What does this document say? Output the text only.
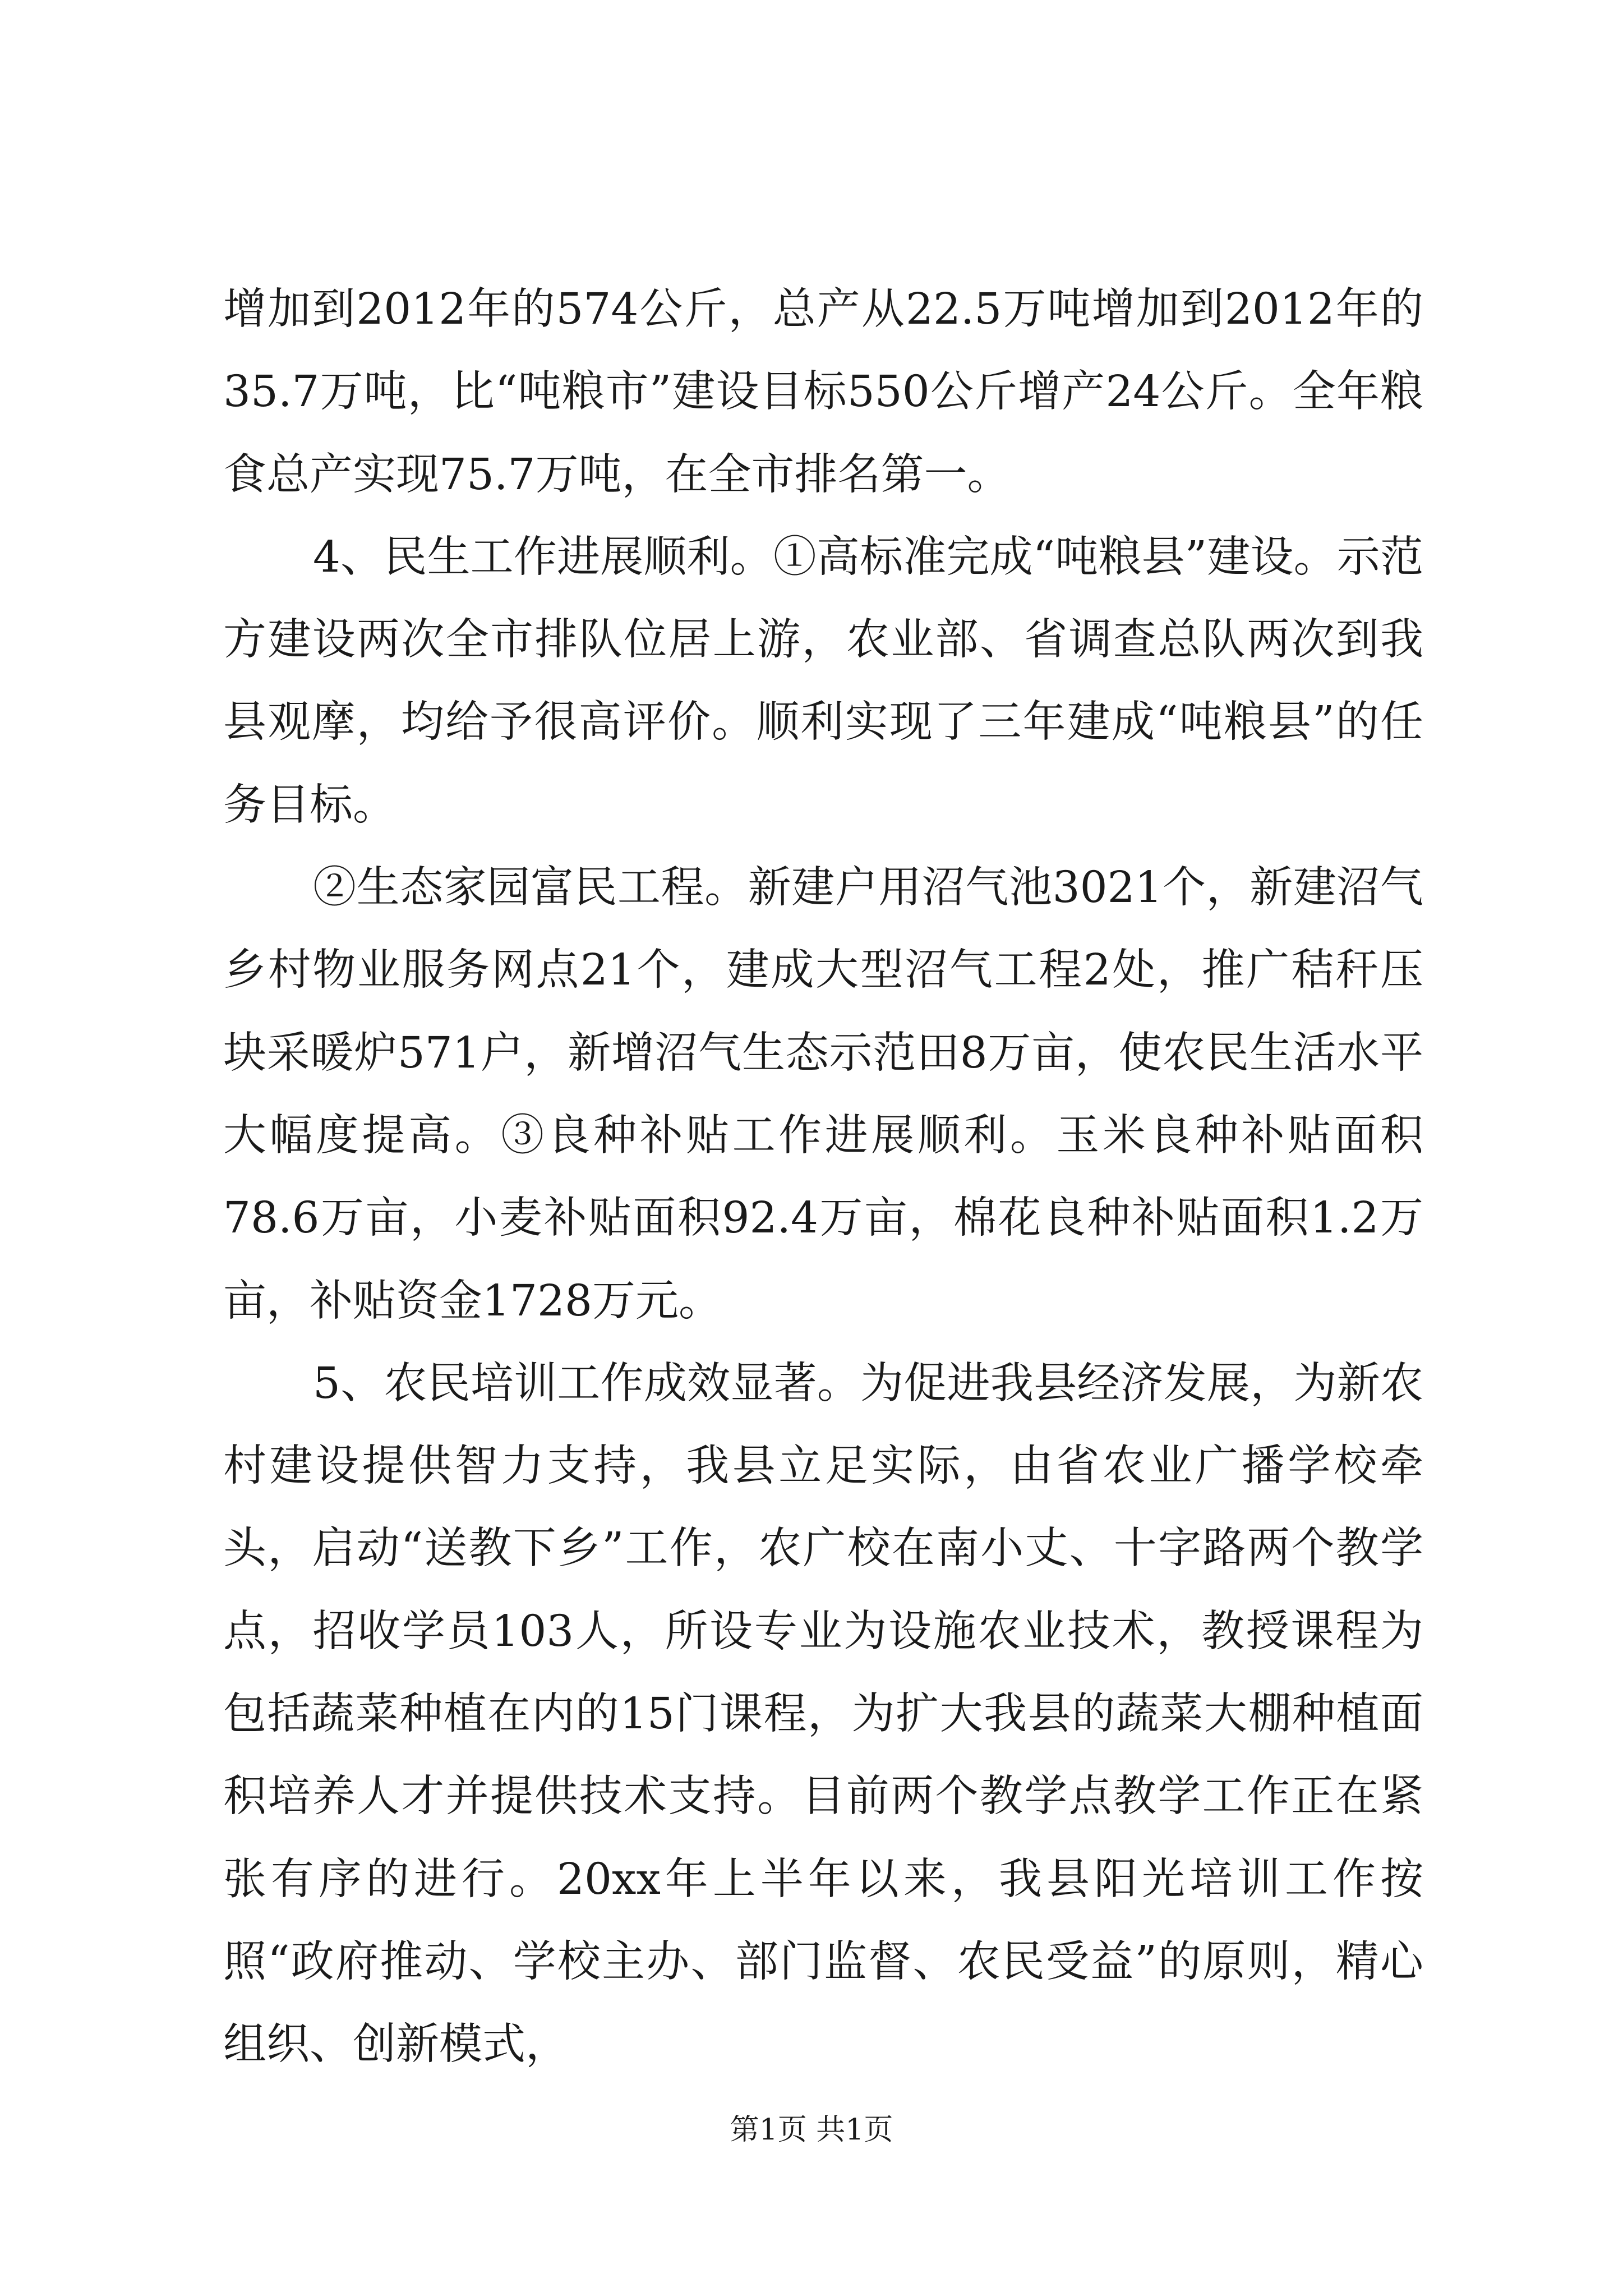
增加到2012年的574公斤，总产从22.5万吨增加到2012年的35.7万吨，比“吨粮市”建设目标550公斤增产24公斤。全年粮食总产实现75.7万吨，在全市排名第一。

4、民生工作进展顺利。①高标准完成“吨粮县”建设。示范方建设两次全市排队位居上游，农业部、省调查总队两次到我县观摩，均给予很高评价。顺利实现了三年建成“吨粮县”的任务目标。

②生态家园富民工程。新建户用沼气池3021个，新建沼气乡村物业服务网点21个，建成大型沼气工程2处，推广秸秆压块采暖炉571户，新增沼气生态示范田8万亩，使农民生活水平大幅度提高。③良种补贴工作进展顺利。玉米良种补贴面积78.6万亩，小麦补贴面积92.4万亩，棉花良种补贴面积1.2万亩，补贴资金1728万元。

5、农民培训工作成效显著。为促进我县经济发展，为新农村建设提供智力支持，我县立足实际，由省农业广播学校牵头，启动“送教下乡”工作，农广校在南小丈、十字路两个教学点，招收学员103人，所设专业为设施农业技术，教授课程为包括蔬菜种植在内的15门课程，为扩大我县的蔬菜大棚种植面积培养人才并提供技术支持。目前两个教学点教学工作正在紧张有序的进行。20xx年上半年以来，我县阳光培训工作按照“政府推动、学校主办、部门监督、农民受益”的原则，精心组织、创新模式，

第1页 共1页
